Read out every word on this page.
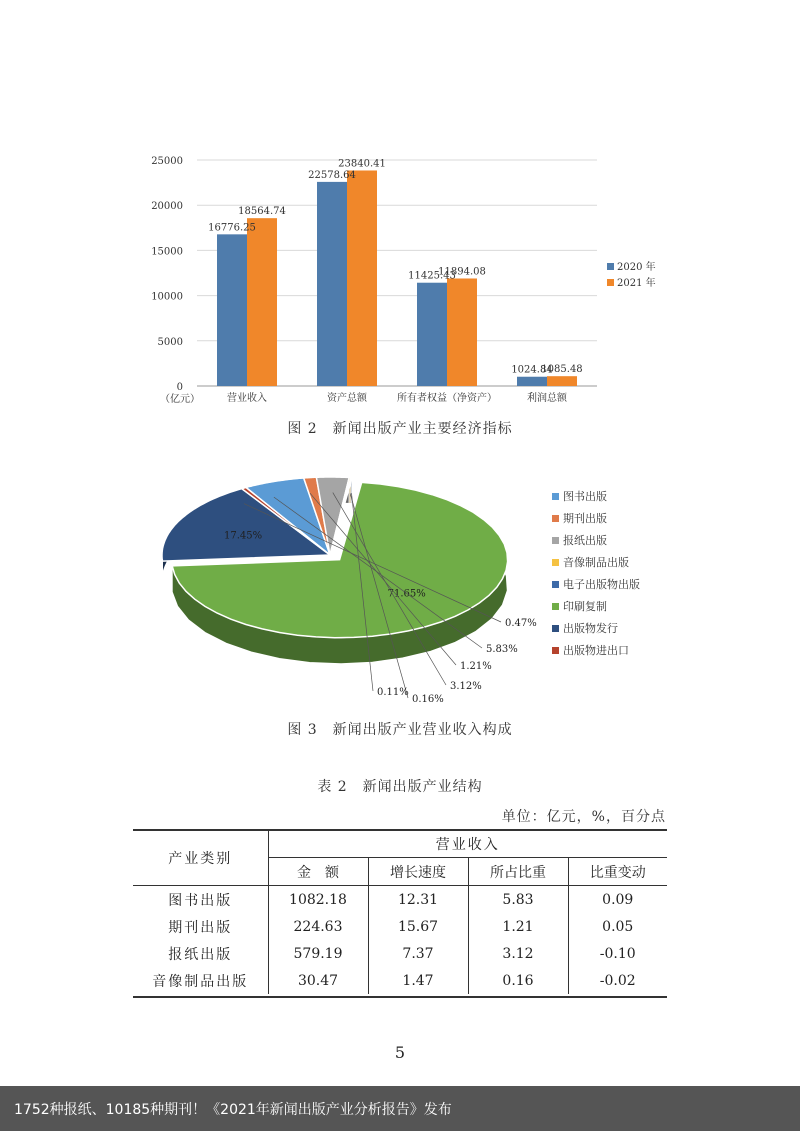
0
5000
10000
15000
20000
25000
营业收入	资产总额	所有者权益（净资产）	利润总额
16776.25
22578.64
11425.43
1024.84
18564.74
23840.41
11894.08
1085.48
2020 年
2021 年
（亿元）
图 2　新闻出版产业主要经济指标
71.65%
17.45%
0.47%
5.83%
1.21%
3.12%
0.16%
0.11%
图书出版
期刊出版
报纸出版
音像制品出版
电子出版物出版
印刷复制
出版物发行
出版物进出口
图 3　新闻出版产业营业收入构成
表 2　新闻出版产业结构
单位：亿元，%，百分点
产业类别	营业收入			
	金　额	增长速度	所占比重	比重变动
图书出版	1082.18	12.31	5.83	0.09
期刊出版	224.63	15.67	1.21	0.05
报纸出版	579.19	7.37	3.12	-0.10
音像制品出版	30.47	1.47	0.16	-0.02
5
1752种报纸、10185种期刊！《2021年新闻出版产业分析报告》发布
